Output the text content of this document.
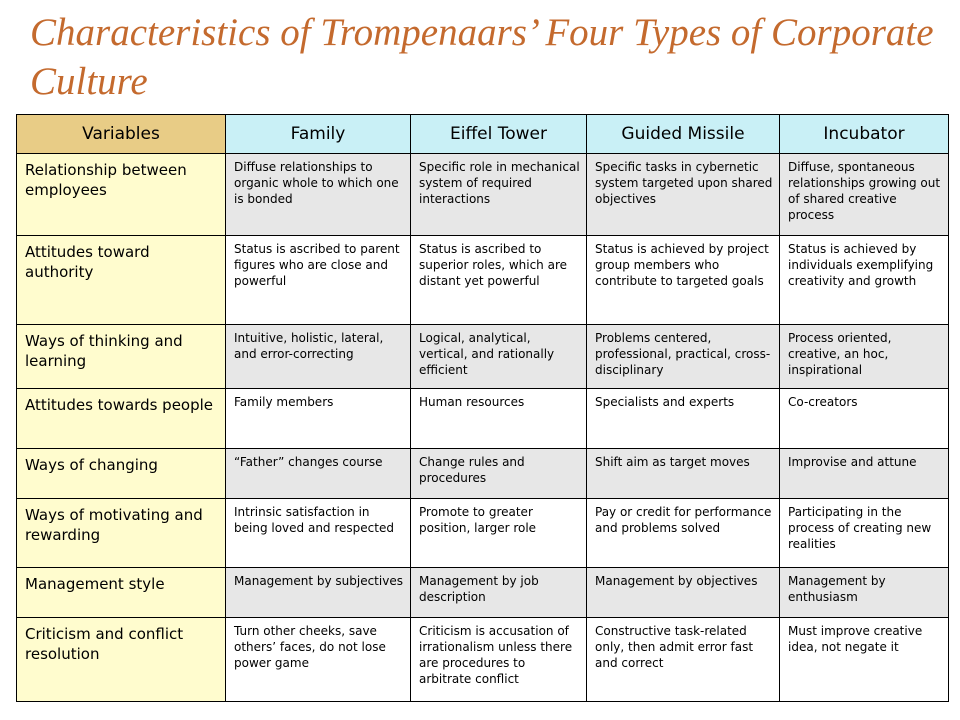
Characteristics of Trompenaars’ Four Types of Corporate Culture
Variables	Family	Eiffel Tower	Guided Missile	Incubator
Relationship between employees	Diffuse relationships to organic whole to which one is bonded	Specific role in mechanical system of required interactions	Specific tasks in cybernetic system targeted upon shared objectives	Diffuse, spontaneous relationships growing out of shared creative process
Attitudes toward authority	Status is ascribed to parent figures who are close and powerful	Status is ascribed to superior roles, which are distant yet powerful	Status is achieved by project group members who contribute to targeted goals	Status is achieved by individuals exemplifying creativity and growth
Ways of thinking and learning	Intuitive, holistic, lateral, and error-correcting	Logical, analytical, vertical, and rationally efficient	Problems centered, professional, practical, cross-disciplinary	Process oriented, creative, an hoc, inspirational
Attitudes towards people	Family members	Human resources	Specialists and experts	Co-creators
Ways of changing	“Father” changes course	Change rules and procedures	Shift aim as target moves	Improvise and attune
Ways of motivating and rewarding	Intrinsic satisfaction in being loved and respected	Promote to greater position, larger role	Pay or credit for performance and problems solved	Participating in the process of creating new realities
Management style	Management by subjectives	Management by job description	Management by objectives	Management by enthusiasm
Criticism and conflict resolution	Turn other cheeks, save others’ faces, do not lose power game	Criticism is accusation of irrationalism unless there are procedures to arbitrate conflict	Constructive task-related only, then admit error fast and correct	Must improve creative idea, not negate it
